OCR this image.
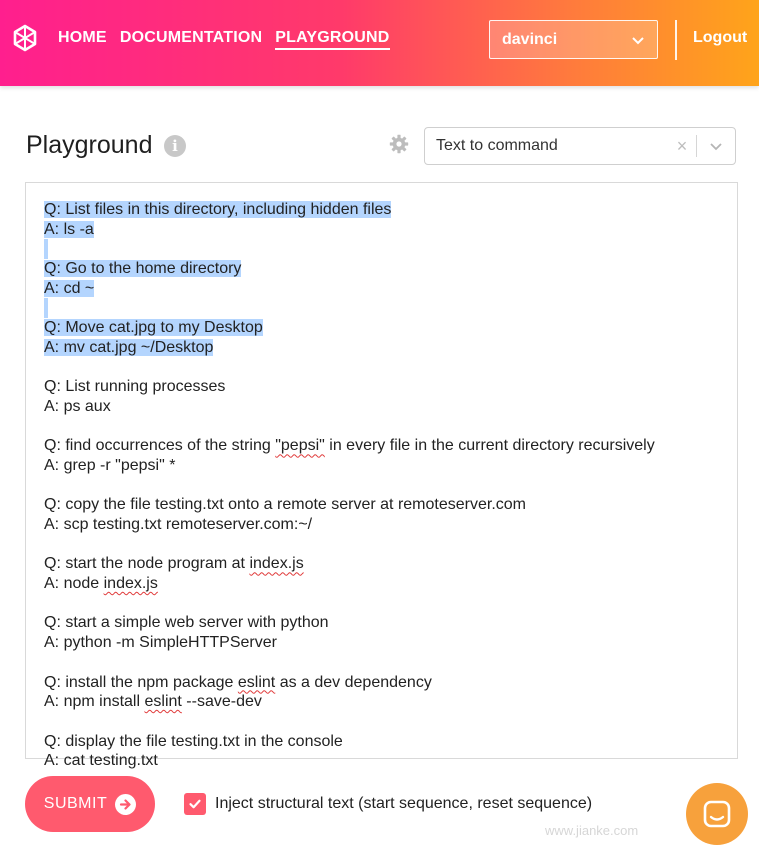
HOME DOCUMENTATION PLAYGROUND	davinci	Logout
Playground	i	Text to command	×
Q: List files in this directory, including hidden files
A: ls -a
Q: Go to the home directory
A: cd ~
Q: Move cat.jpg to my Desktop
A: mv cat.jpg ~/Desktop
Q: List running processes
A: ps aux
Q: find occurrences of the string "pepsi" in every file in the current directory recursively
A: grep -r "pepsi" *
Q: copy the file testing.txt onto a remote server at remoteserver.com
A: scp testing.txt remoteserver.com:~/
Q: start the node program at index.js
A: node index.js
Q: start a simple web server with python
A: python -m SimpleHTTPServer
Q: install the npm package eslint as a dev dependency
A: npm install eslint --save-dev
Q: display the file testing.txt in the console
A: cat testing.txt
SUBMIT	Inject structural text (start sequence, reset sequence)
www.jianke.com
